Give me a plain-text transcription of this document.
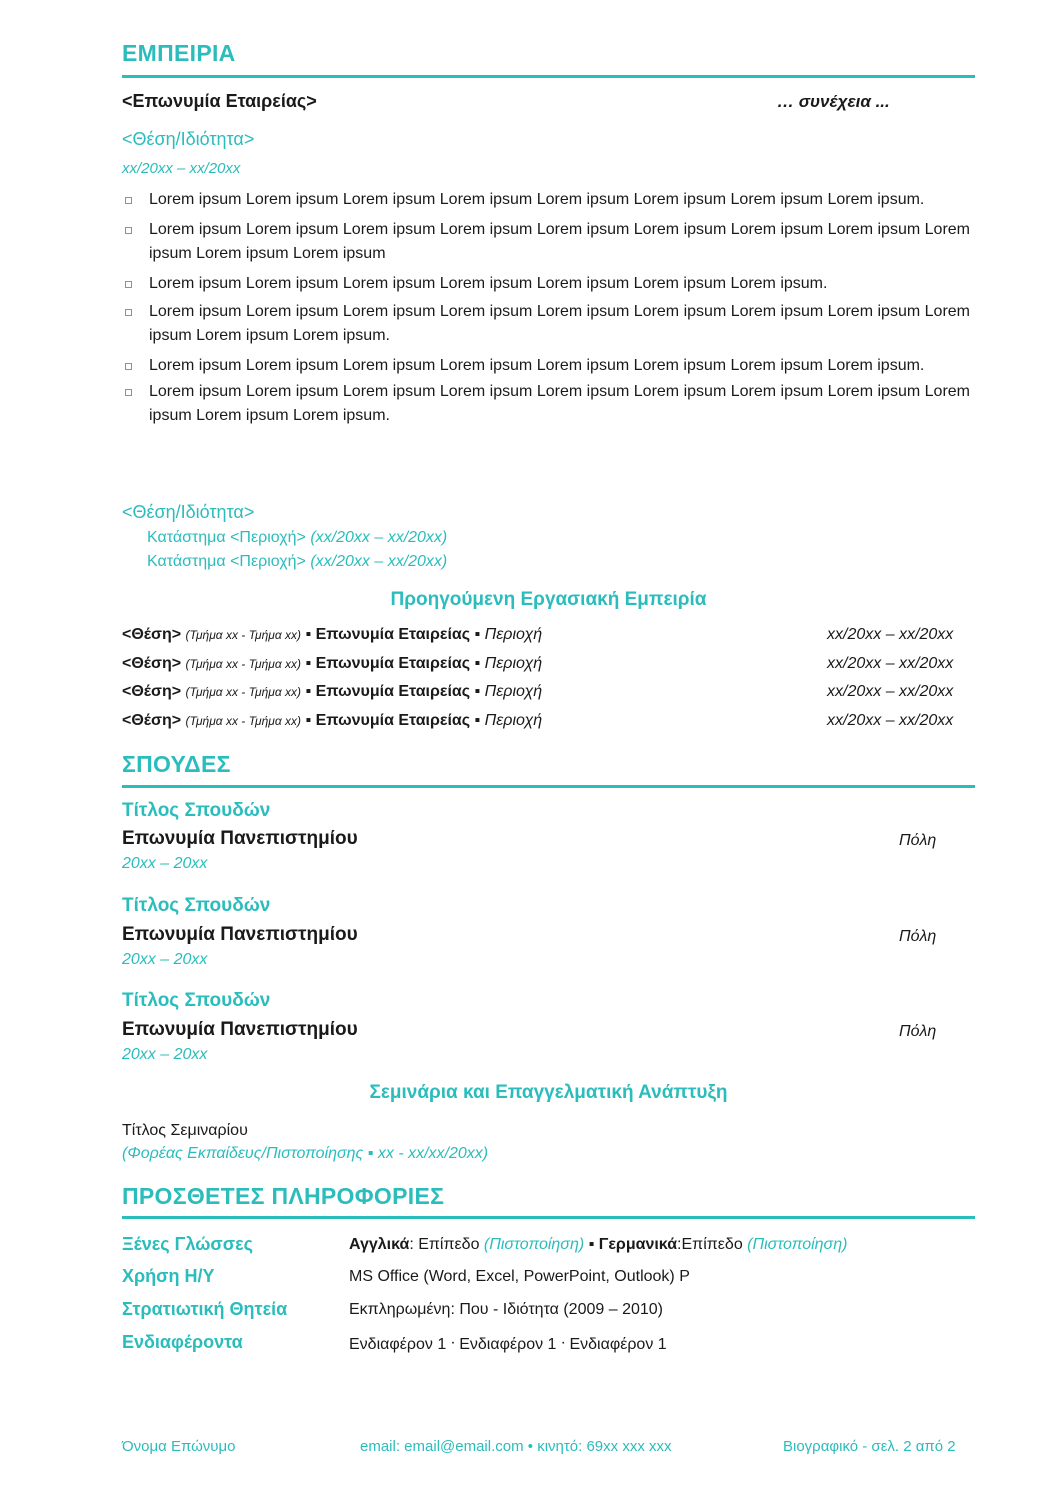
ΕΜΠΕΙΡΙΑ
<Επωνυμία Εταιρείας>	… συνέχεια ...
<Θέση/Ιδιότητα>
xx/20xx – xx/20xx
Lorem ipsum Lorem ipsum Lorem ipsum Lorem ipsum Lorem ipsum Lorem ipsum Lorem ipsum Lorem ipsum.
Lorem ipsum Lorem ipsum Lorem ipsum Lorem ipsum Lorem ipsum Lorem ipsum Lorem ipsum Lorem ipsum Lorem ipsum Lorem ipsum Lorem ipsum
Lorem ipsum Lorem ipsum Lorem ipsum Lorem ipsum Lorem ipsum Lorem ipsum Lorem ipsum.
Lorem ipsum Lorem ipsum Lorem ipsum Lorem ipsum Lorem ipsum Lorem ipsum Lorem ipsum Lorem ipsum Lorem ipsum Lorem ipsum Lorem ipsum.
Lorem ipsum Lorem ipsum Lorem ipsum Lorem ipsum Lorem ipsum Lorem ipsum Lorem ipsum Lorem ipsum.
Lorem ipsum Lorem ipsum Lorem ipsum Lorem ipsum Lorem ipsum Lorem ipsum Lorem ipsum Lorem ipsum Lorem ipsum Lorem ipsum Lorem ipsum.
<Θέση/Ιδιότητα>
Κατάστημα <Περιοχή> (xx/20xx – xx/20xx)
Κατάστημα <Περιοχή> (xx/20xx – xx/20xx)
Προηγούμενη Εργασιακή Εμπειρία
<Θέση> (Τμήμα xx - Τμήμα xx) ▪ Επωνυμία Εταιρείας ▪ Περιοχή	xx/20xx – xx/20xx
<Θέση> (Τμήμα xx - Τμήμα xx) ▪ Επωνυμία Εταιρείας ▪ Περιοχή	xx/20xx – xx/20xx
<Θέση> (Τμήμα xx - Τμήμα xx) ▪ Επωνυμία Εταιρείας ▪ Περιοχή	xx/20xx – xx/20xx
<Θέση> (Τμήμα xx - Τμήμα xx) ▪ Επωνυμία Εταιρείας ▪ Περιοχή	xx/20xx – xx/20xx
ΣΠΟΥΔΕΣ
Τίτλος Σπουδών
Επωνυμία Πανεπιστημίου	Πόλη
20xx – 20xx
Τίτλος Σπουδών
Επωνυμία Πανεπιστημίου	Πόλη
20xx – 20xx
Τίτλος Σπουδών
Επωνυμία Πανεπιστημίου	Πόλη
20xx – 20xx
Σεμινάρια και Επαγγελματική Ανάπτυξη
Τίτλος Σεμιναρίου
(Φορέας Εκπαίδευς/Πιστοποίησης ▪ xx - xx/xx/20xx)
ΠΡΟΣΘΕΤΕΣ ΠΛΗΡΟΦΟΡΙΕΣ
Ξένες Γλώσσες	Αγγλικά: Επίπεδο (Πιστοποίηση) ▪ Γερμανικά:Επίπεδο (Πιστοποίηση)
Χρήση Η/Υ	MS Office (Word, Excel, PowerPoint, Outlook) P
Στρατιωτική Θητεία	Εκπληρωμένη: Που - Ιδιότητα (2009 – 2010)
Ενδιαφέροντα	Ενδιαφέρον 1 ᐧ Ενδιαφέρον 1 ᐧ Ενδιαφέρον 1
Όνομα Επώνυμο	email: email@email.com • κινητό: 69xx xxx xxx	Βιογραφικό - σελ. 2 από 2
